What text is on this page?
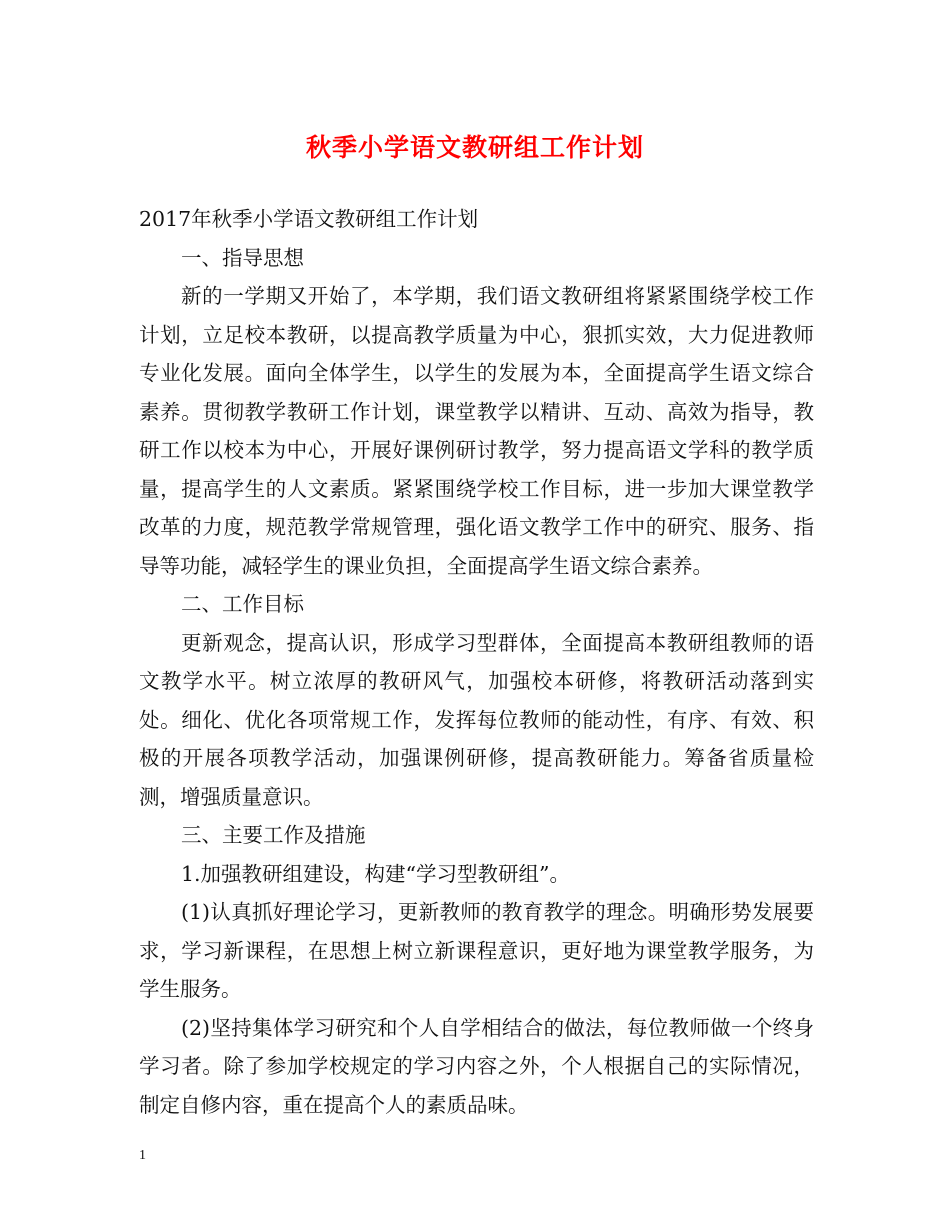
秋季小学语文教研组工作计划

2017年秋季小学语文教研组工作计划

一、指导思想

新的一学期又开始了，本学期，我们语文教研组将紧紧围绕学校工作计划，立足校本教研，以提高教学质量为中心，狠抓实效，大力促进教师专业化发展。面向全体学生，以学生的发展为本，全面提高学生语文综合素养。贯彻教学教研工作计划，课堂教学以精讲、互动、高效为指导，教研工作以校本为中心，开展好课例研讨教学，努力提高语文学科的教学质量，提高学生的人文素质。紧紧围绕学校工作目标，进一步加大课堂教学改革的力度，规范教学常规管理，强化语文教学工作中的研究、服务、指导等功能，减轻学生的课业负担，全面提高学生语文综合素养。

二、工作目标

更新观念，提高认识，形成学习型群体，全面提高本教研组教师的语文教学水平。树立浓厚的教研风气，加强校本研修，将教研活动落到实处。细化、优化各项常规工作，发挥每位教师的能动性，有序、有效、积极的开展各项教学活动，加强课例研修，提高教研能力。筹备省质量检测，增强质量意识。

三、主要工作及措施

1.加强教研组建设，构建“学习型教研组”。

(1)认真抓好理论学习，更新教师的教育教学的理念。明确形势发展要求，学习新课程，在思想上树立新课程意识，更好地为课堂教学服务，为学生服务。

(2)坚持集体学习研究和个人自学相结合的做法，每位教师做一个终身学习者。除了参加学校规定的学习内容之外，个人根据自己的实际情况，制定自修内容，重在提高个人的素质品味。

1
